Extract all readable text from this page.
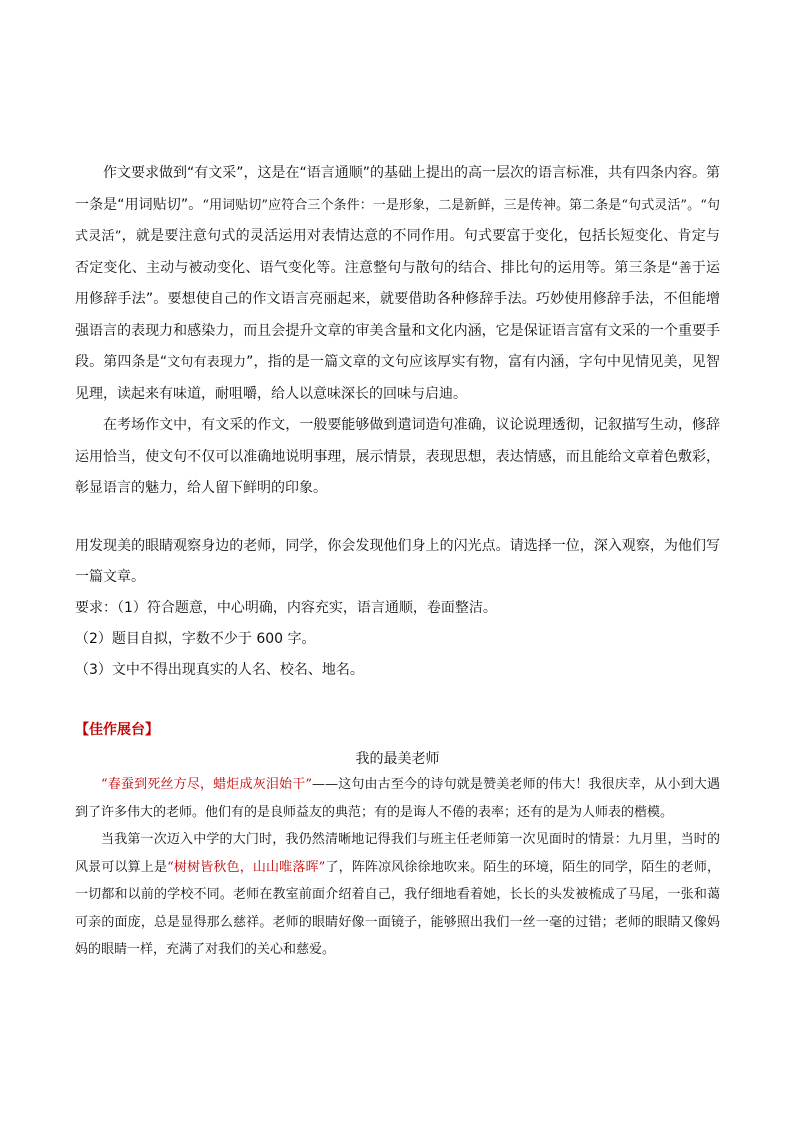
作文要求做到“有文采”，这是在“语言通顺”的基础上提出的高一层次的语言标准，共有四条内容。第一条是“用词贴切”。“用词贴切”应符合三个条件：一是形象，二是新鲜，三是传神。第二条是“句式灵活”。“句式灵活”，就是要注意句式的灵活运用对表情达意的不同作用。句式要富于变化，包括长短变化、肯定与否定变化、主动与被动变化、语气变化等。注意整句与散句的结合、排比句的运用等。第三条是“善于运用修辞手法”。要想使自己的作文语言亮丽起来，就要借助各种修辞手法。巧妙使用修辞手法，不但能增强语言的表现力和感染力，而且会提升文章的审美含量和文化内涵，它是保证语言富有文采的一个重要手段。第四条是“文句有表现力”，指的是一篇文章的文句应该厚实有物，富有内涵，字句中见情见美，见智见理，读起来有味道，耐咀嚼，给人以意味深长的回味与启迪。

在考场作文中，有文采的作文，一般要能够做到遣词造句准确，议论说理透彻，记叙描写生动，修辞运用恰当，使文句不仅可以准确地说明事理，展示情景，表现思想，表达情感，而且能给文章着色敷彩，彰显语言的魅力，给人留下鲜明的印象。

用发现美的眼睛观察身边的老师，同学，你会发现他们身上的闪光点。请选择一位，深入观察，为他们写一篇文章。

要求：（1）符合题意，中心明确，内容充实，语言通顺，卷面整洁。

（2）题目自拟，字数不少于 600 字。

（3）文中不得出现真实的人名、校名、地名。

【佳作展台】
我的最美老师

“春蚕到死丝方尽，蜡炬成灰泪始干”——这句由古至今的诗句就是赞美老师的伟大！我很庆幸，从小到大遇到了许多伟大的老师。他们有的是良师益友的典范；有的是诲人不倦的表率；还有的是为人师表的楷模。

当我第一次迈入中学的大门时，我仍然清晰地记得我们与班主任老师第一次见面时的情景：九月里，当时的风景可以算上是“树树皆秋色，山山唯落晖”了，阵阵凉风徐徐地吹来。陌生的环境，陌生的同学，陌生的老师，一切都和以前的学校不同。老师在教室前面介绍着自己，我仔细地看着她，长长的头发被梳成了马尾，一张和蔼可亲的面庞，总是显得那么慈祥。老师的眼睛好像一面镜子，能够照出我们一丝一毫的过错；老师的眼睛又像妈妈的眼睛一样，充满了对我们的关心和慈爱。
